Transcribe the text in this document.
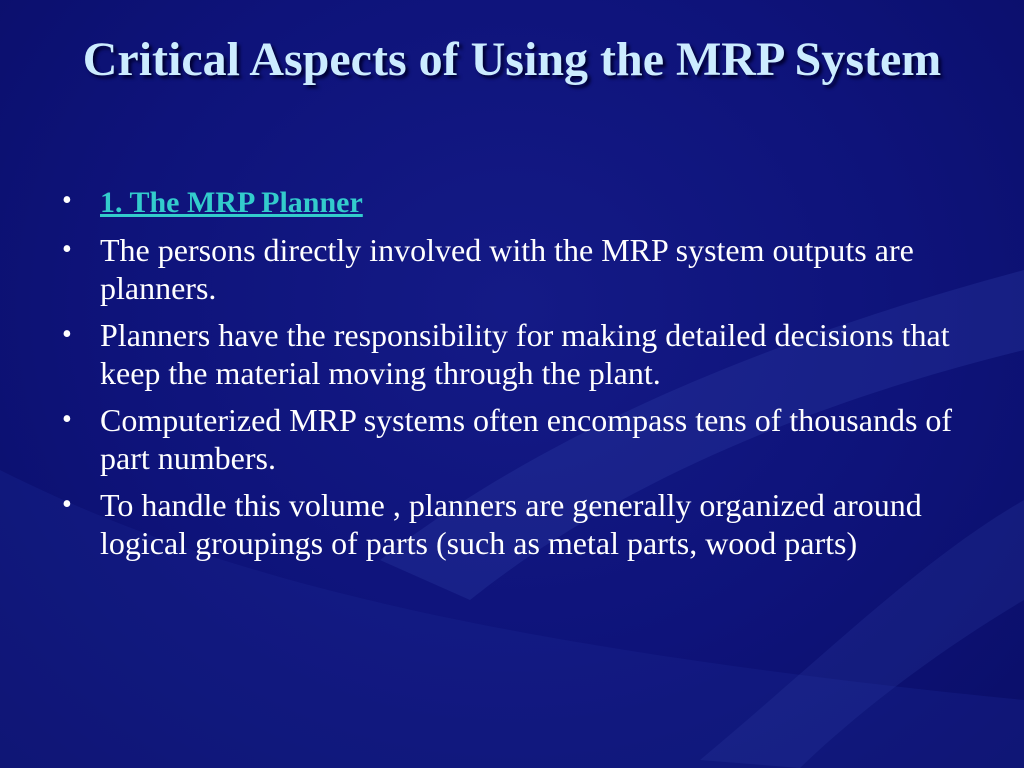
Critical Aspects of Using the MRP System
• 1. The MRP Planner
• The persons directly involved with the MRP system outputs are planners.
• Planners have the responsibility for making detailed decisions that keep the material moving through the plant.
• Computerized MRP systems often encompass tens of thousands of part numbers.
• To handle this volume , planners are generally organized around logical groupings of parts (such as metal parts, wood parts)
